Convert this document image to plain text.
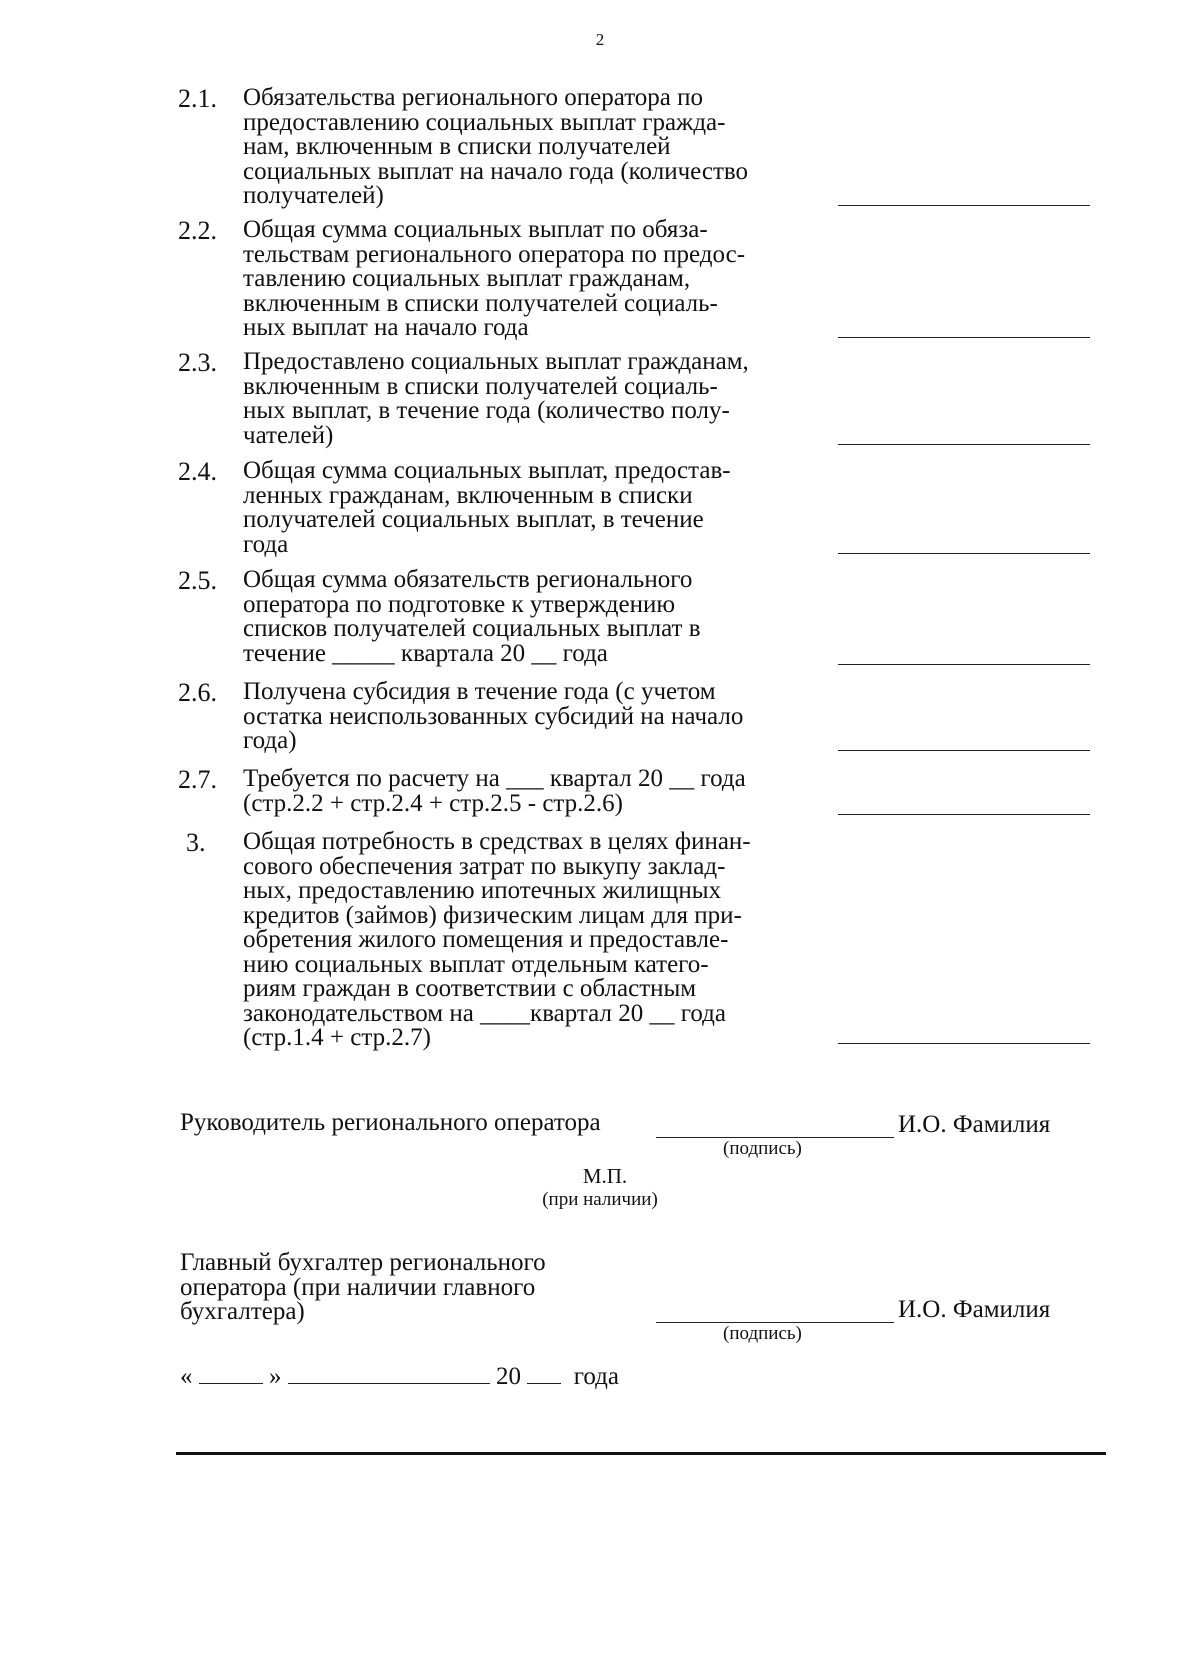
2
2.1. Обязательства регионального оператора по
предоставлению социальных выплат гражда-
нам, включенным в списки получателей
социальных выплат на начало года (количество
получателей)
2.2. Общая сумма социальных выплат по обяза-
тельствам регионального оператора по предос-
тавлению социальных выплат гражданам,
включенным в списки получателей социаль-
ных выплат на начало года
2.3. Предоставлено социальных выплат гражданам,
включенным в списки получателей социаль-
ных выплат, в течение года (количество полу-
чателей)
2.4. Общая сумма социальных выплат, предостав-
ленных гражданам, включенным в списки
получателей социальных выплат, в течение
года
2.5. Общая сумма обязательств регионального
оператора по подготовке к утверждению
списков получателей социальных выплат в
течение _____ квартала 20 __ года
2.6. Получена субсидия в течение года (с учетом
остатка неиспользованных субсидий на начало
года)
2.7. Требуется по расчету на ___ квартал 20 __ года
(стр.2.2 + стр.2.4 + стр.2.5 - стр.2.6)
3. Общая потребность в средствах в целях финан-
сового обеспечения затрат по выкупу заклад-
ных, предоставлению ипотечных жилищных
кредитов (займов) физическим лицам для при-
обретения жилого помещения и предоставле-
нию социальных выплат отдельным катего-
риям граждан в соответствии с областным
законодательством на ____квартал 20 __ года
(стр.1.4 + стр.2.7)
Руководитель регионального оператора
(подпись)
И.О. Фамилия
М.П.
(при наличии)
Главный бухгалтер регионального
оператора (при наличии главного
бухгалтера)
(подпись)
И.О. Фамилия
«	»	20 года
